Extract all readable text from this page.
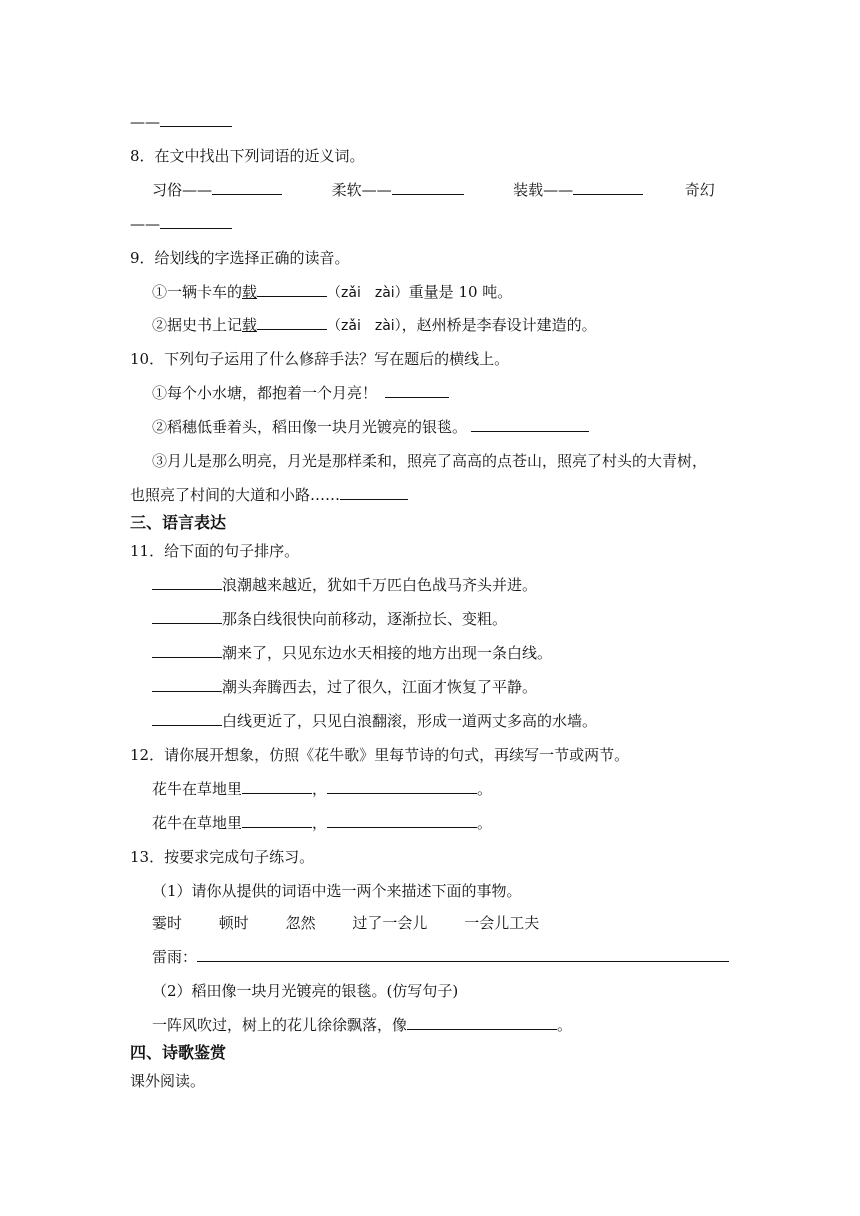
——
8．在文中找出下列词语的近义词。
习俗——	柔软——	装载——	奇幻
——
9．给划线的字选择正确的读音。
①一辆卡车的载	（zǎi　zài）重量是 10 吨。
②据史书上记载	（zǎi　zài），赵州桥是李春设计建造的。
10．下列句子运用了什么修辞手法？写在题后的横线上。
①每个小水塘，都抱着一个月亮！
②稻穗低垂着头，稻田像一块月光镀亮的银毯。
③月儿是那么明亮，月光是那样柔和，照亮了高高的点苍山，照亮了村头的大青树，
也照亮了村间的大道和小路……
三、语言表达
11．给下面的句子排序。
浪潮越来越近，犹如千万匹白色战马齐头并进。
那条白线很快向前移动，逐渐拉长、变粗。
潮来了，只见东边水天相接的地方出现一条白线。
潮头奔腾西去，过了很久，江面才恢复了平静。
白线更近了，只见白浪翻滚，形成一道两丈多高的水墙。
12．请你展开想象，仿照《花牛歌》里每节诗的句式，再续写一节或两节。
花牛在草地里	，	。
花牛在草地里	，	。
13．按要求完成句子练习。
（1）请你从提供的词语中选一两个来描述下面的事物。
霎时 顿时 忽然 过了一会儿 一会儿工夫
雷雨：
（2）稻田像一块月光镀亮的银毯。(仿写句子)
一阵风吹过，树上的花儿徐徐飘落，像	。
四、诗歌鉴赏
课外阅读。
